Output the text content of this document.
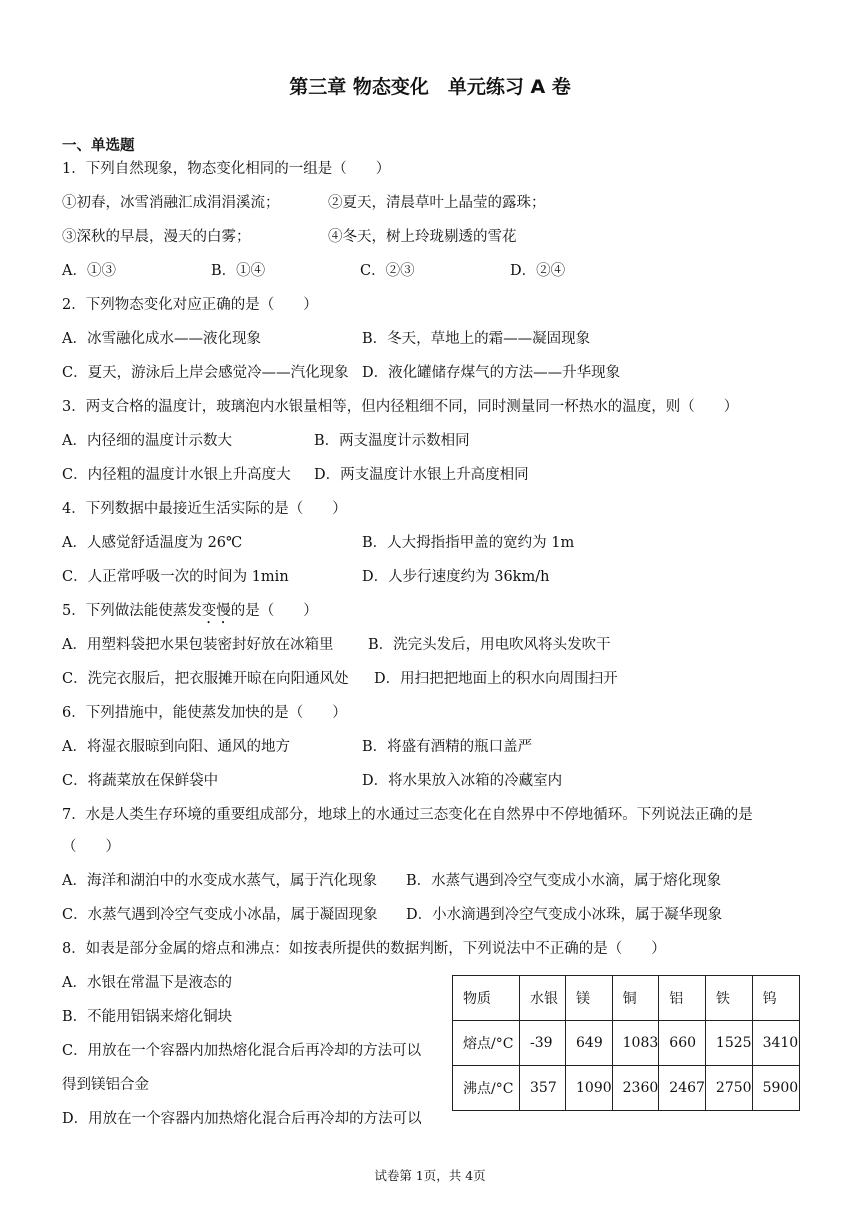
第三章 物态变化　单元练习 A 卷
一、单选题
1．下列自然现象，物态变化相同的一组是（　　）
①初春，冰雪消融汇成涓涓溪流；	②夏天，清晨草叶上晶莹的露珠；
③深秋的早晨，漫天的白雾；	④冬天，树上玲珑剔透的雪花
A．①③	B．①④	C．②③	D．②④
2．下列物态变化对应正确的是（　　）
A．冰雪融化成水——液化现象	B．冬天，草地上的霜——凝固现象
C．夏天，游泳后上岸会感觉冷——汽化现象 D．液化罐储存煤气的方法——升华现象
3．两支合格的温度计，玻璃泡内水银量相等，但内径粗细不同，同时测量同一杯热水的温度，则（　　）
A．内径细的温度计示数大	B．两支温度计示数相同
C．内径粗的温度计水银上升高度大 D．两支温度计水银上升高度相同
4．下列数据中最接近生活实际的是（　　）
A．人感觉舒适温度为 26℃	B．人大拇指指甲盖的宽约为 1m
C．人正常呼吸一次的时间为 1min	D．人步行速度约为 36km/h
5．下列做法能使蒸发变慢的是（　　）
A．用塑料袋把水果包装密封好放在冰箱里 B．洗完头发后，用电吹风将头发吹干
C．洗完衣服后，把衣服摊开晾在向阳通风处 D．用扫把把地面上的积水向周围扫开
6．下列措施中，能使蒸发加快的是（　　）
A．将湿衣服晾到向阳、通风的地方	B．将盛有酒精的瓶口盖严
C．将蔬菜放在保鲜袋中	D．将水果放入冰箱的冷藏室内
7．水是人类生存环境的重要组成部分，地球上的水通过三态变化在自然界中不停地循环。下列说法正确的是
（　　）
A．海洋和湖泊中的水变成水蒸气，属于汽化现象 B．水蒸气遇到冷空气变成小水滴，属于熔化现象
C．水蒸气遇到冷空气变成小冰晶，属于凝固现象 D．小水滴遇到冷空气变成小冰珠，属于凝华现象
8．如表是部分金属的熔点和沸点：如按表所提供的数据判断，下列说法中不正确的是（　　）
A．水银在常温下是液态的
B．不能用铝锅来熔化铜块
C．用放在一个容器内加热熔化混合后再冷却的方法可以
得到镁铝合金
D．用放在一个容器内加热熔化混合后再冷却的方法可以
物质	水银	镁	铜	铝	铁	钨
熔点/°C	-39	649	1083	660	1525	3410
沸点/°C	357	1090	2360	2467	2750	5900
试卷第 1页，共 4页
